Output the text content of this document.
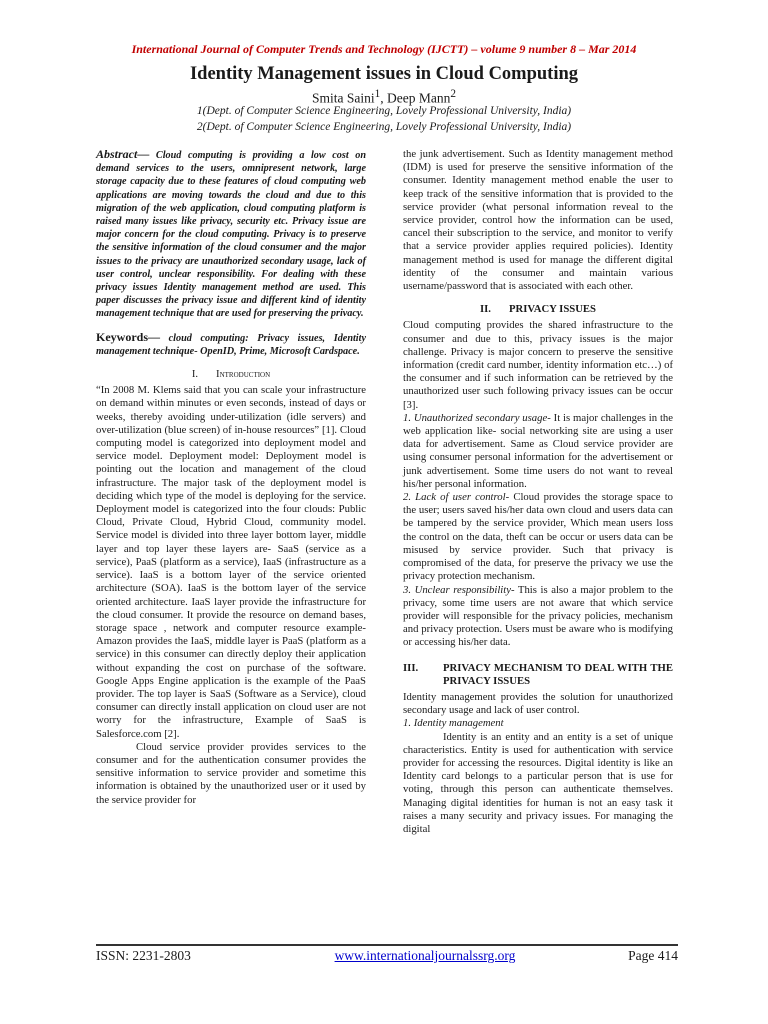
International Journal of Computer Trends and Technology (IJCTT) – volume 9 number 8 – Mar 2014
Identity Management issues in Cloud Computing
Smita Saini$^1$, Deep Mann$^2$
1(Dept. of Computer Science Engineering, Lovely Professional University, India)
2(Dept. of Computer Science Engineering, Lovely Professional University, India)

Abstract— Cloud computing is providing a low cost on demand services to the users, omnipresent network, large storage capacity due to these features of cloud computing web applications are moving towards the cloud and due to this migration of the web application, cloud computing platform is raised many issues like privacy, security etc. Privacy issue are major concern for the cloud computing. Privacy is to preserve the sensitive information of the cloud consumer and the major issues to the privacy are unauthorized secondary usage, lack of user control, unclear responsibility. For dealing with these privacy issues Identity management method are used. This paper discusses the privacy issue and different kind of identity management technique that are used for preserving the privacy.

Keywords— cloud computing: Privacy issues, Identity management technique- OpenID, Prime, Microsoft Cardspace.

I. Introduction

“In 2008 M. Klems said that you can scale your infrastructure on demand within minutes or even seconds, instead of days or weeks, thereby avoiding under-utilization (idle servers) and over-utilization (blue screen) of in-house resources” [1]. Cloud computing model is categorized into deployment model and service model. Deployment model: Deployment model is pointing out the location and management of the cloud infrastructure. The major task of the deployment model is deciding which type of the model is deploying for the service. Deployment model is categorized into the four clouds: Public Cloud, Private Cloud, Hybrid Cloud, community model. Service model is divided into three layer bottom layer, middle layer and top layer these layers are- SaaS (service as a service), PaaS (platform as a service), IaaS (infrastructure as a service). IaaS is a bottom layer of the service oriented architecture (SOA). IaaS is the bottom layer of the service oriented architecture. IaaS layer provide the infrastructure for the cloud consumer. It provide the resource on demand bases, storage space , network and computer resource example- Amazon provides the IaaS, middle layer is PaaS (platform as a service) in this consumer can directly deploy their application without expanding the cost on purchase of the software. Google Apps Engine application is the example of the PaaS provider. The top layer is SaaS (Software as a Service), cloud consumer can directly install application on cloud user are not worry for the infrastructure, Example of SaaS is Salesforce.com [2].

Cloud service provider provides services to the consumer and for the authentication consumer provides the sensitive information to service provider and sometime this information is obtained by the unauthorized user or it used by the service provider for

the junk advertisement. Such as Identity management method (IDM) is used for preserve the sensitive information of the consumer. Identity management method enable the user to keep track of the sensitive information that is provided to the service provider (what personal information reveal to the service provider, control how the information can be used, cancel their subscription to the service, and monitor to verify that a service provider applies required policies). Identity management method is used for manage the different digital identity of the consumer and maintain various username/password that is associated with each other.

II. PRIVACY ISSUES

Cloud computing provides the shared infrastructure to the consumer and due to this, privacy issues is the major challenge. Privacy is major concern to preserve the sensitive information (credit card number, identity information etc…) of the consumer and if such information can be retrieved by the unauthorized user such following privacy issues can be occur [3].

1. Unauthorized secondary usage- It is major challenges in the web application like- social networking site are using a user data for advertisement. Same as Cloud service provider are using consumer personal information for the advertisement or junk advertisement. Some time users do not want to reveal his/her personal information.

2. Lack of user control- Cloud provides the storage space to the user; users saved his/her data own cloud and users data can be tampered by the service provider, Which mean users loss the control on the data, theft can be occur or users data can be misused by service provider. Such that privacy is compromised of the data, for preserve the privacy we use the privacy protection mechanism.

3. Unclear responsibility- This is also a major problem to the privacy, some time users are not aware that which service provider will responsible for the privacy policies, mechanism and privacy protection. Users must be aware who is modifying or accessing his/her data.

III.	PRIVACY MECHANISM TO DEAL WITH THE PRIVACY ISSUES

Identity management provides the solution for unauthorized secondary usage and lack of user control.

1. Identity management

Identity is an entity and an entity is a set of unique characteristics. Entity is used for authentication with service provider for accessing the resources. Digital identity is like an Identity card belongs to a particular person that is use for voting, through this person can authenticate themselves. Managing digital identities for human is not an easy task it raises a many security and privacy issues. For managing the digital

ISSN: 2231-2803	www.internationaljournalssrg.org	Page 414
